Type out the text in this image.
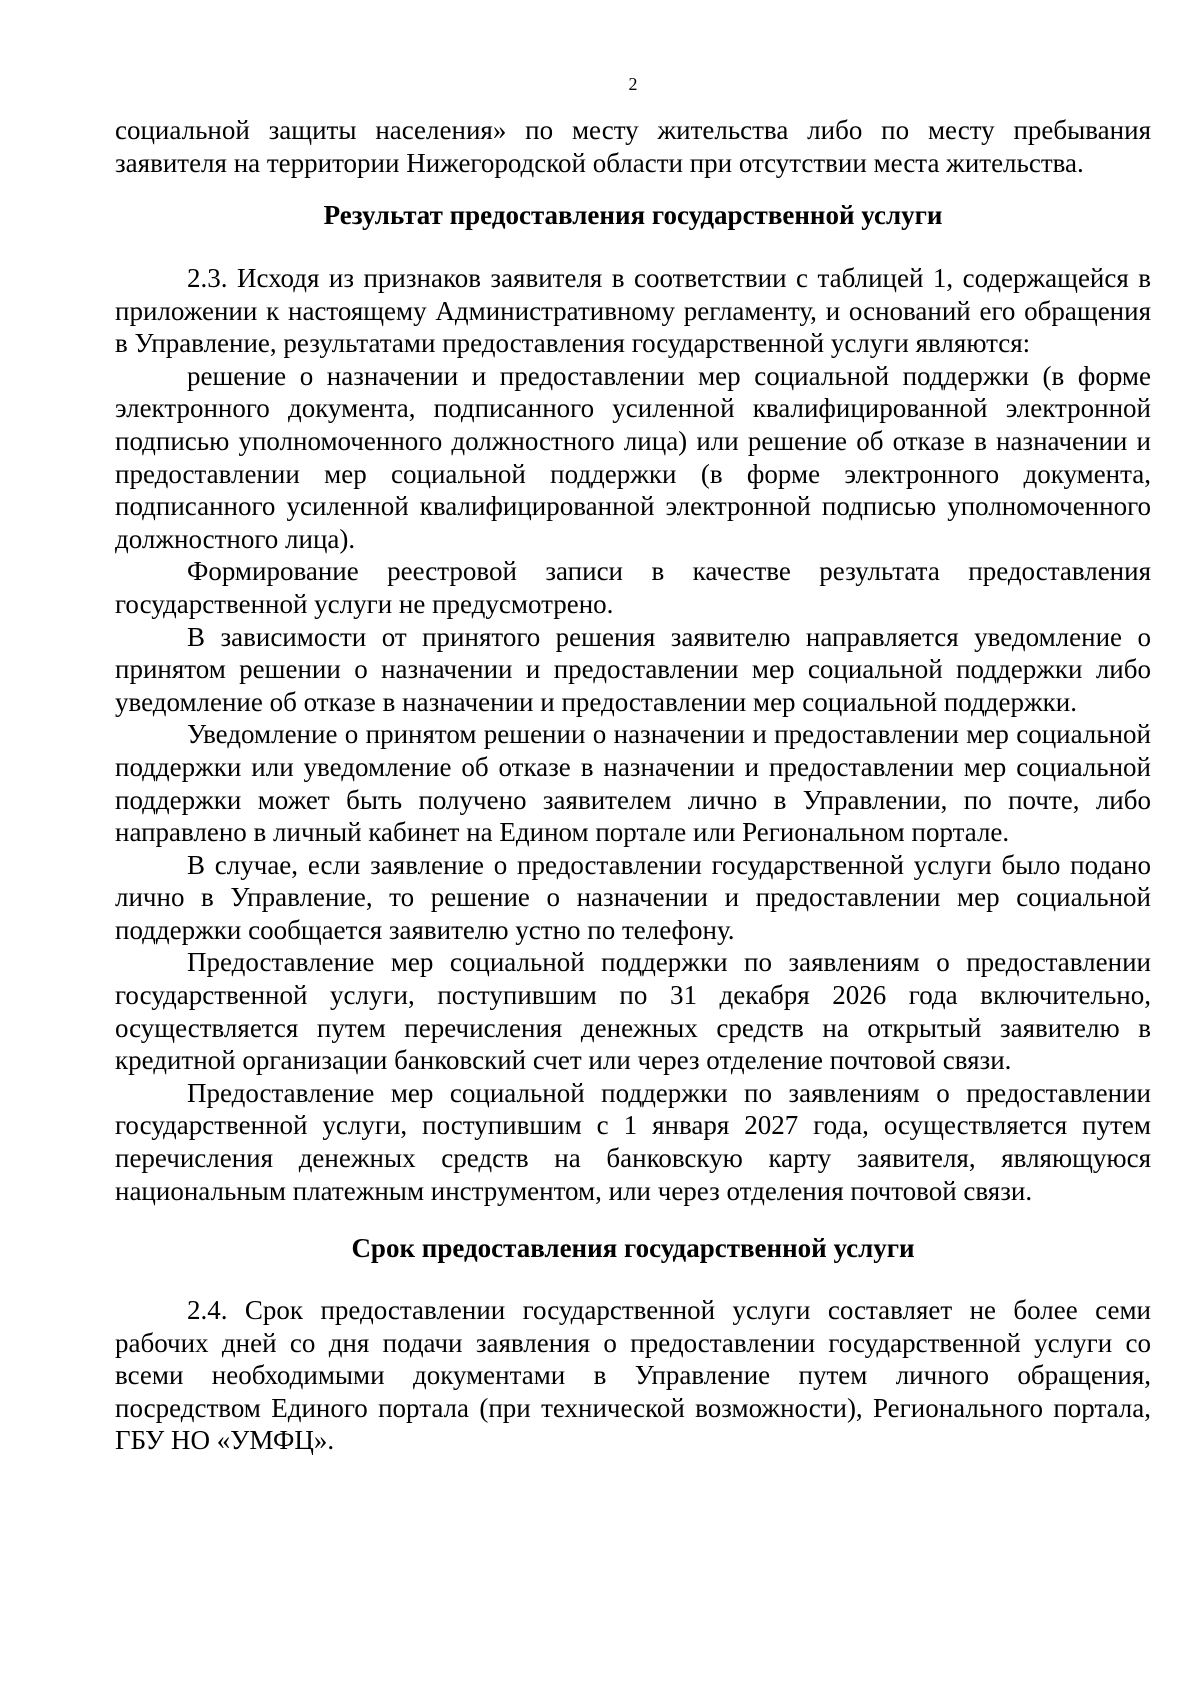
2

социальной защиты населения» по месту жительства либо по месту пребывания заявителя на территории Нижегородской области при отсутствии места жительства.

Результат предоставления государственной услуги

2.3. Исходя из признаков заявителя в соответствии с таблицей 1, содержащейся в приложении к настоящему Административному регламенту, и оснований его обращения в Управление, результатами предоставления государственной услуги являются:

решение о назначении и предоставлении мер социальной поддержки (в форме электронного документа, подписанного усиленной квалифицированной электронной подписью уполномоченного должностного лица) или решение об отказе в назначении и предоставлении мер социальной поддержки (в форме электронного документа, подписанного усиленной квалифицированной электронной подписью уполномоченного должностного лица).

Формирование реестровой записи в качестве результата предоставления государственной услуги не предусмотрено.

В зависимости от принятого решения заявителю направляется уведомление о принятом решении о назначении и предоставлении мер социальной поддержки либо уведомление об отказе в назначении и предоставлении мер социальной поддержки.

Уведомление о принятом решении о назначении и предоставлении мер социальной поддержки или уведомление об отказе в назначении и предоставлении мер социальной поддержки может быть получено заявителем лично в Управлении, по почте, либо направлено в личный кабинет на Едином портале или Региональном портале.

В случае, если заявление о предоставлении государственной услуги было подано лично в Управление, то решение о назначении и предоставлении мер социальной поддержки сообщается заявителю устно по телефону.

Предоставление мер социальной поддержки по заявлениям о предоставлении государственной услуги, поступившим по 31 декабря 2026 года включительно, осуществляется путем перечисления денежных средств на открытый заявителю в кредитной организации банковский счет или через отделение почтовой связи.

Предоставление мер социальной поддержки по заявлениям о предоставлении государственной услуги, поступившим с 1 января 2027 года, осуществляется путем перечисления денежных средств на банковскую карту заявителя, являющуюся национальным платежным инструментом, или через отделения почтовой связи.

Срок предоставления государственной услуги

2.4. Срок предоставлении государственной услуги составляет не более семи рабочих дней со дня подачи заявления о предоставлении государственной услуги со всеми необходимыми документами в Управление путем личного обращения, посредством Единого портала (при технической возможности), Регионального портала, ГБУ НО «УМФЦ».
